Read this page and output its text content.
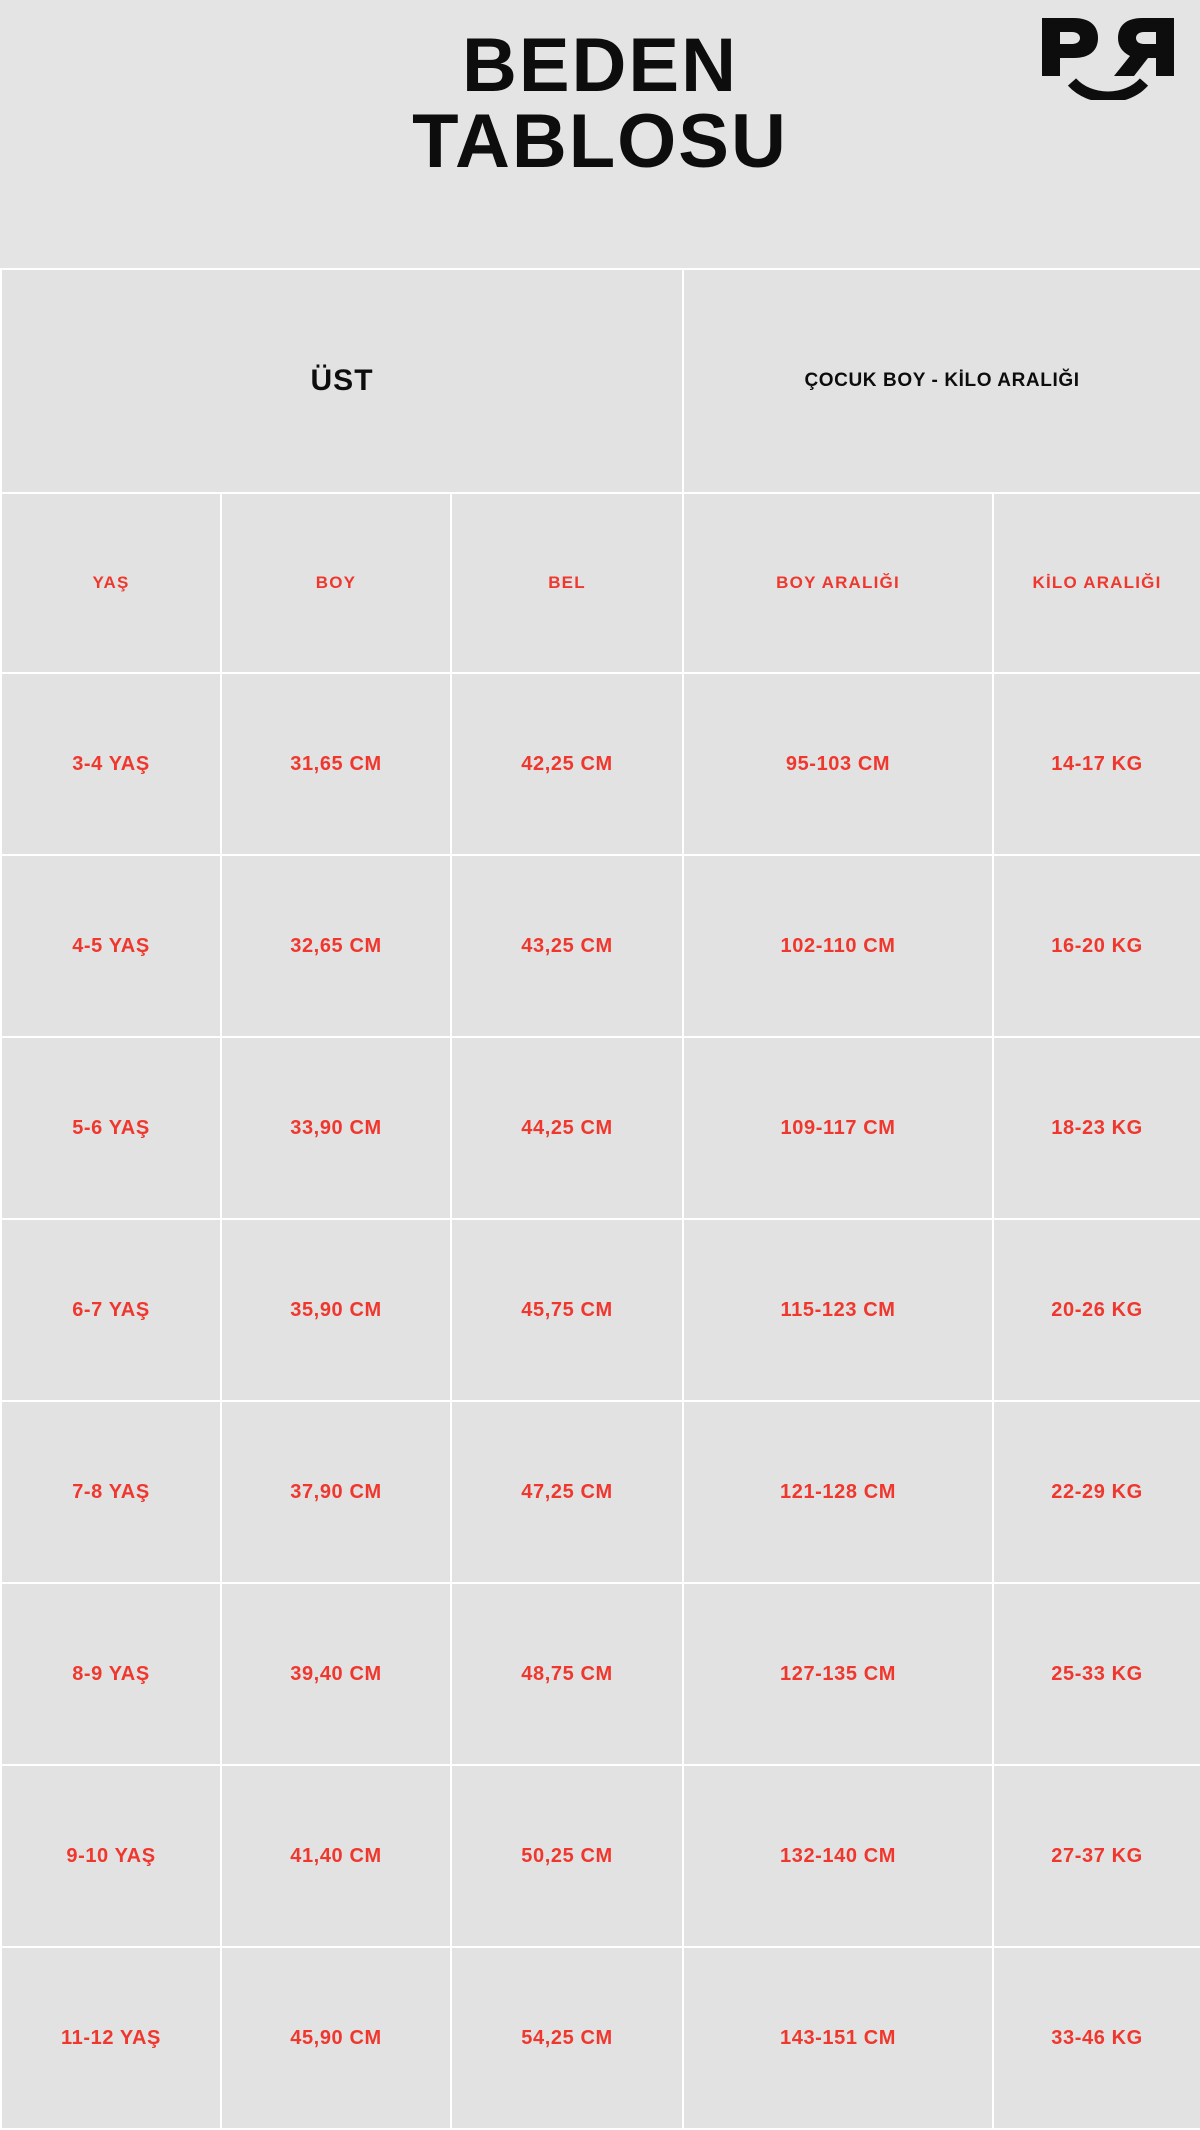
BEDEN
TABLOSU
ÜST			ÇOCUK BOY - KİLO ARALIĞI	
YAŞ	BOY	BEL	BOY ARALIĞI	KİLO ARALIĞI
3-4 YAŞ	31,65 CM	42,25 CM	95-103 CM	14-17 KG
4-5 YAŞ	32,65 CM	43,25 CM	102-110 CM	16-20 KG
5-6 YAŞ	33,90 CM	44,25 CM	109-117 CM	18-23 KG
6-7 YAŞ	35,90 CM	45,75 CM	115-123 CM	20-26 KG
7-8 YAŞ	37,90 CM	47,25 CM	121-128 CM	22-29 KG
8-9 YAŞ	39,40 CM	48,75 CM	127-135 CM	25-33 KG
9-10 YAŞ	41,40 CM	50,25 CM	132-140 CM	27-37 KG
11-12 YAŞ	45,90 CM	54,25 CM	143-151 CM	33-46 KG
